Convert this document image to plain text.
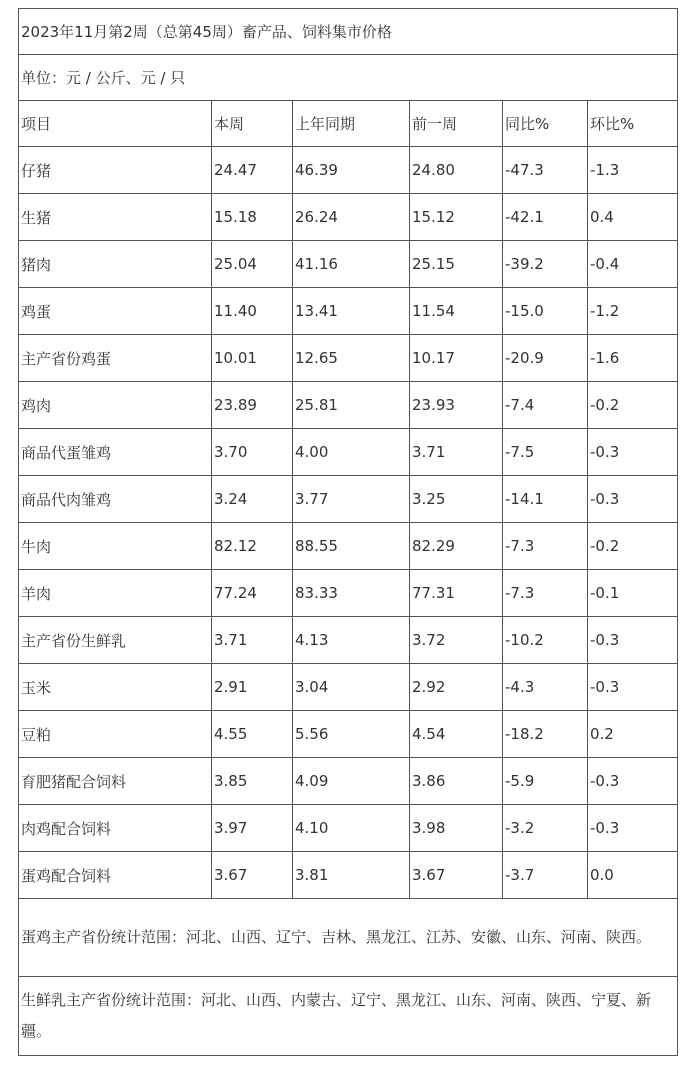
2023年11月第2周（总第45周）畜产品、饲料集市价格					
单位：元 / 公斤、元 / 只					
项目	本周	上年同期	前一周	同比%	环比%
仔猪	24.47	46.39	24.80	-47.3	-1.3
生猪	15.18	26.24	15.12	-42.1	0.4
猪肉	25.04	41.16	25.15	-39.2	-0.4
鸡蛋	11.40	13.41	11.54	-15.0	-1.2
主产省份鸡蛋	10.01	12.65	10.17	-20.9	-1.6
鸡肉	23.89	25.81	23.93	-7.4	-0.2
商品代蛋雏鸡	3.70	4.00	3.71	-7.5	-0.3
商品代肉雏鸡	3.24	3.77	3.25	-14.1	-0.3
牛肉	82.12	88.55	82.29	-7.3	-0.2
羊肉	77.24	83.33	77.31	-7.3	-0.1
主产省份生鲜乳	3.71	4.13	3.72	-10.2	-0.3
玉米	2.91	3.04	2.92	-4.3	-0.3
豆粕	4.55	5.56	4.54	-18.2	0.2
育肥猪配合饲料	3.85	4.09	3.86	-5.9	-0.3
肉鸡配合饲料	3.97	4.10	3.98	-3.2	-0.3
蛋鸡配合饲料	3.67	3.81	3.67	-3.7	0.0
蛋鸡主产省份统计范围：河北、山西、辽宁、吉林、黑龙江、江苏、安徽、山东、河南、陕西。					
生鲜乳主产省份统计范围：河北、山西、内蒙古、辽宁、黑龙江、山东、河南、陕西、宁夏、新疆。					
